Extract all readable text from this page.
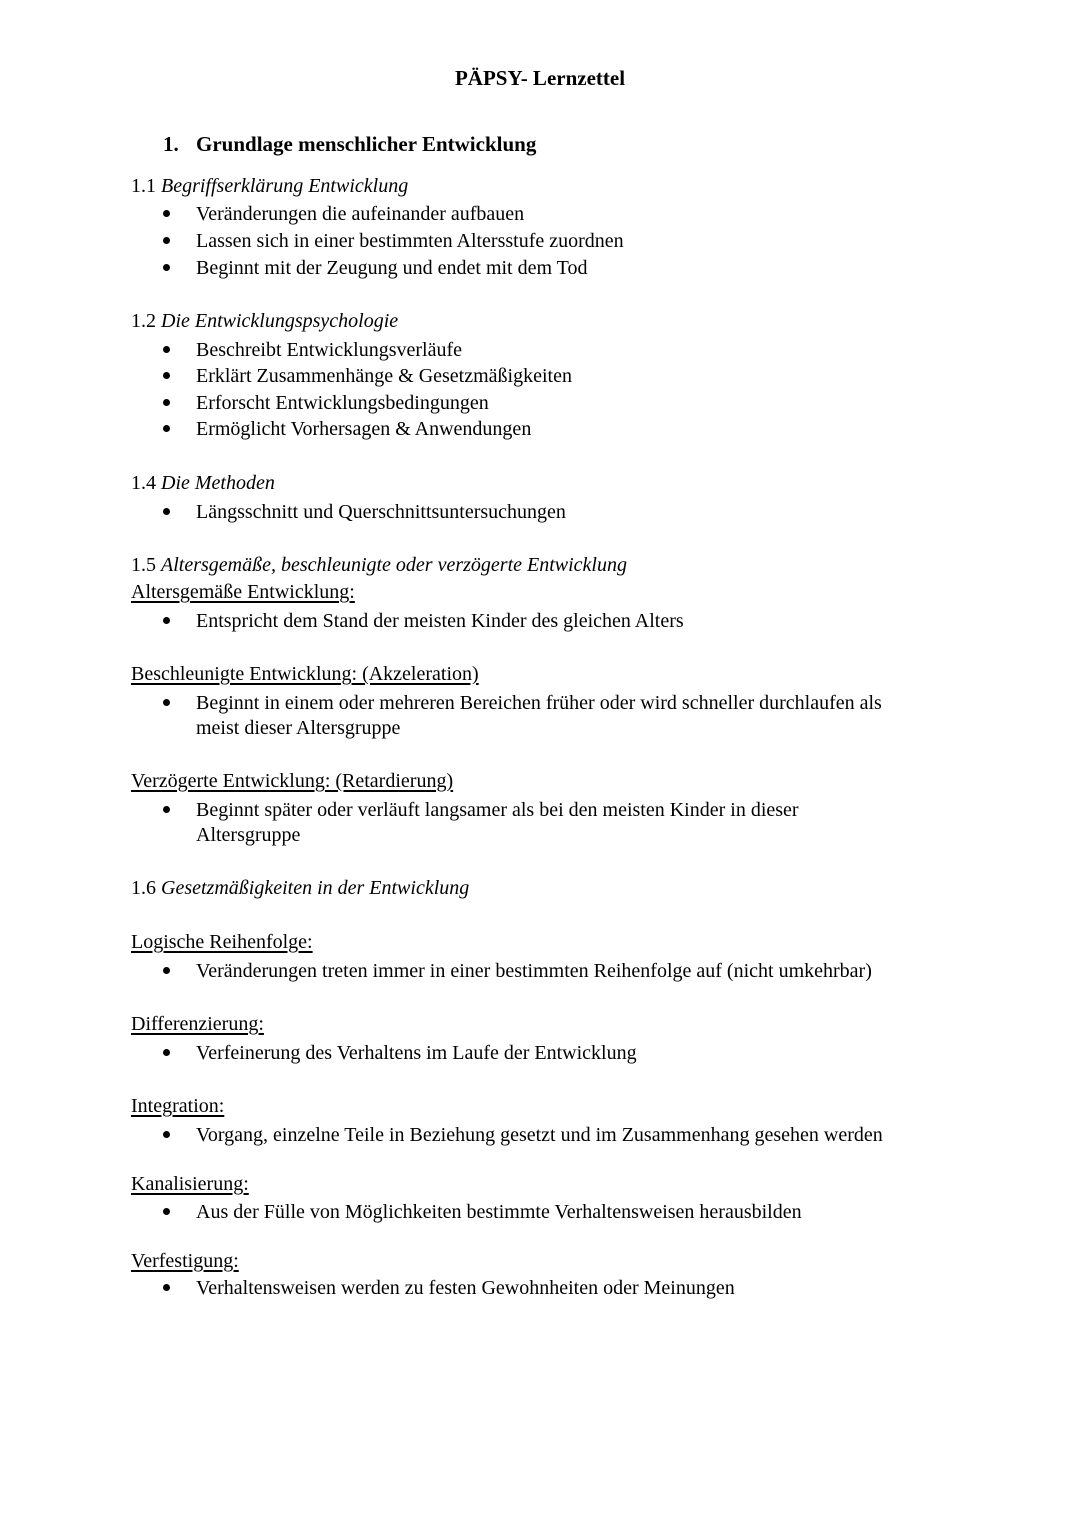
PÄPSY- Lernzettel
1. Grundlage menschlicher Entwicklung
1.1 Begriffserklärung Entwicklung
Veränderungen die aufeinander aufbauen
Lassen sich in einer bestimmten Altersstufe zuordnen
Beginnt mit der Zeugung und endet mit dem Tod
1.2 Die Entwicklungspsychologie
Beschreibt Entwicklungsverläufe
Erklärt Zusammenhänge & Gesetzmäßigkeiten
Erforscht Entwicklungsbedingungen
Ermöglicht Vorhersagen & Anwendungen
1.4 Die Methoden
Längsschnitt und Querschnittsuntersuchungen
1.5 Altersgemäße, beschleunigte oder verzögerte Entwicklung
Altersgemäße Entwicklung:
Entspricht dem Stand der meisten Kinder des gleichen Alters
Beschleunigte Entwicklung: (Akzeleration)
Beginnt in einem oder mehreren Bereichen früher oder wird schneller durchlaufen als
meist dieser Altersgruppe
Verzögerte Entwicklung: (Retardierung)
Beginnt später oder verläuft langsamer als bei den meisten Kinder in dieser
Altersgruppe
1.6 Gesetzmäßigkeiten in der Entwicklung
Logische Reihenfolge:
Veränderungen treten immer in einer bestimmten Reihenfolge auf (nicht umkehrbar)
Differenzierung:
Verfeinerung des Verhaltens im Laufe der Entwicklung
Integration:
Vorgang, einzelne Teile in Beziehung gesetzt und im Zusammenhang gesehen werden
Kanalisierung:
Aus der Fülle von Möglichkeiten bestimmte Verhaltensweisen herausbilden
Verfestigung:
Verhaltensweisen werden zu festen Gewohnheiten oder Meinungen
